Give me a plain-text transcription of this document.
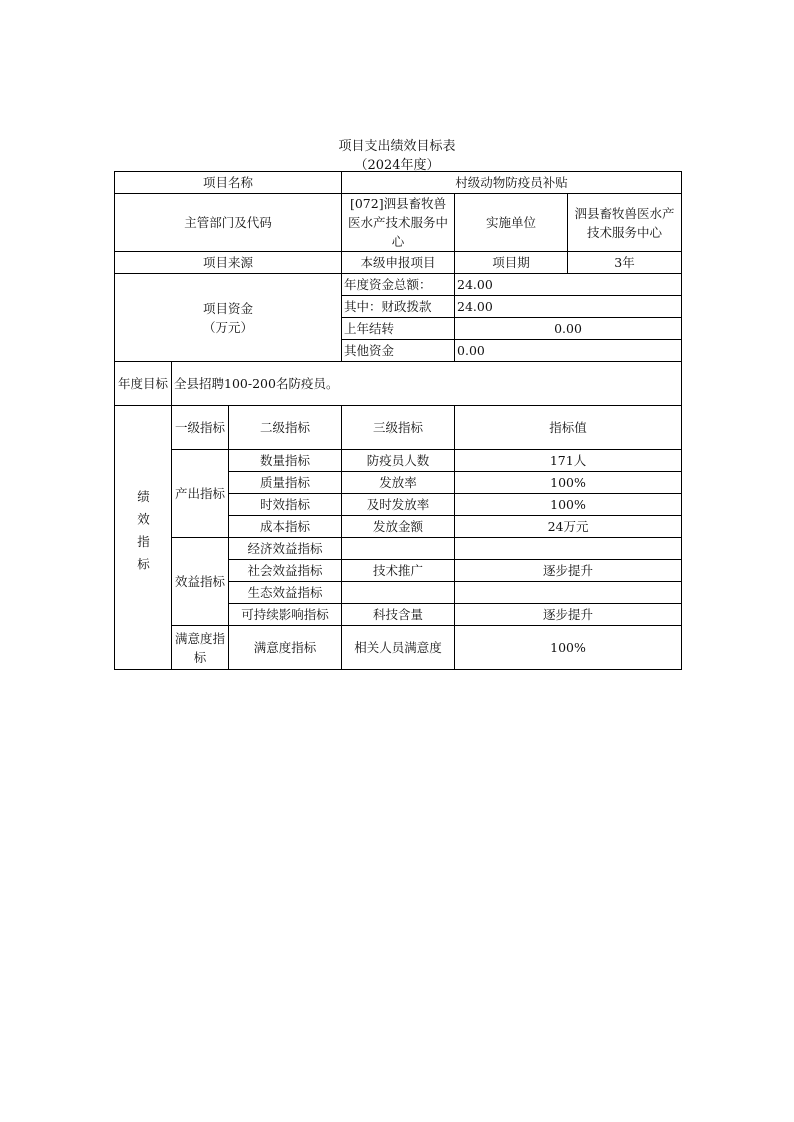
项目支出绩效目标表
（2024年度）
项目名称			村级动物防疫员补贴		
主管部门及代码			[072]泗县畜牧兽医水产技术服务中心	实施单位	泗县畜牧兽医水产技术服务中心
项目来源			本级申报项目	项目期	3年

项目资金
（万元）			年度资金总额：	24.00	
			其中：财政拨款	24.00	
			上年结转	0.00	
			其他资金	0.00	
年度目标	全县招聘100-200名防疫员。				
绩效指标	一级指标	二级指标	三级指标	指标值	
	产出指标	数量指标	防疫员人数	171人	
		质量指标	发放率	100%	
		时效指标	及时发放率	100%	
		成本指标	发放金额	24万元	
	效益指标	经济效益指标			
		社会效益指标	技术推广	逐步提升	
		生态效益指标			
		可持续影响指标	科技含量	逐步提升	
	满意度指标	满意度指标	相关人员满意度	100%	
